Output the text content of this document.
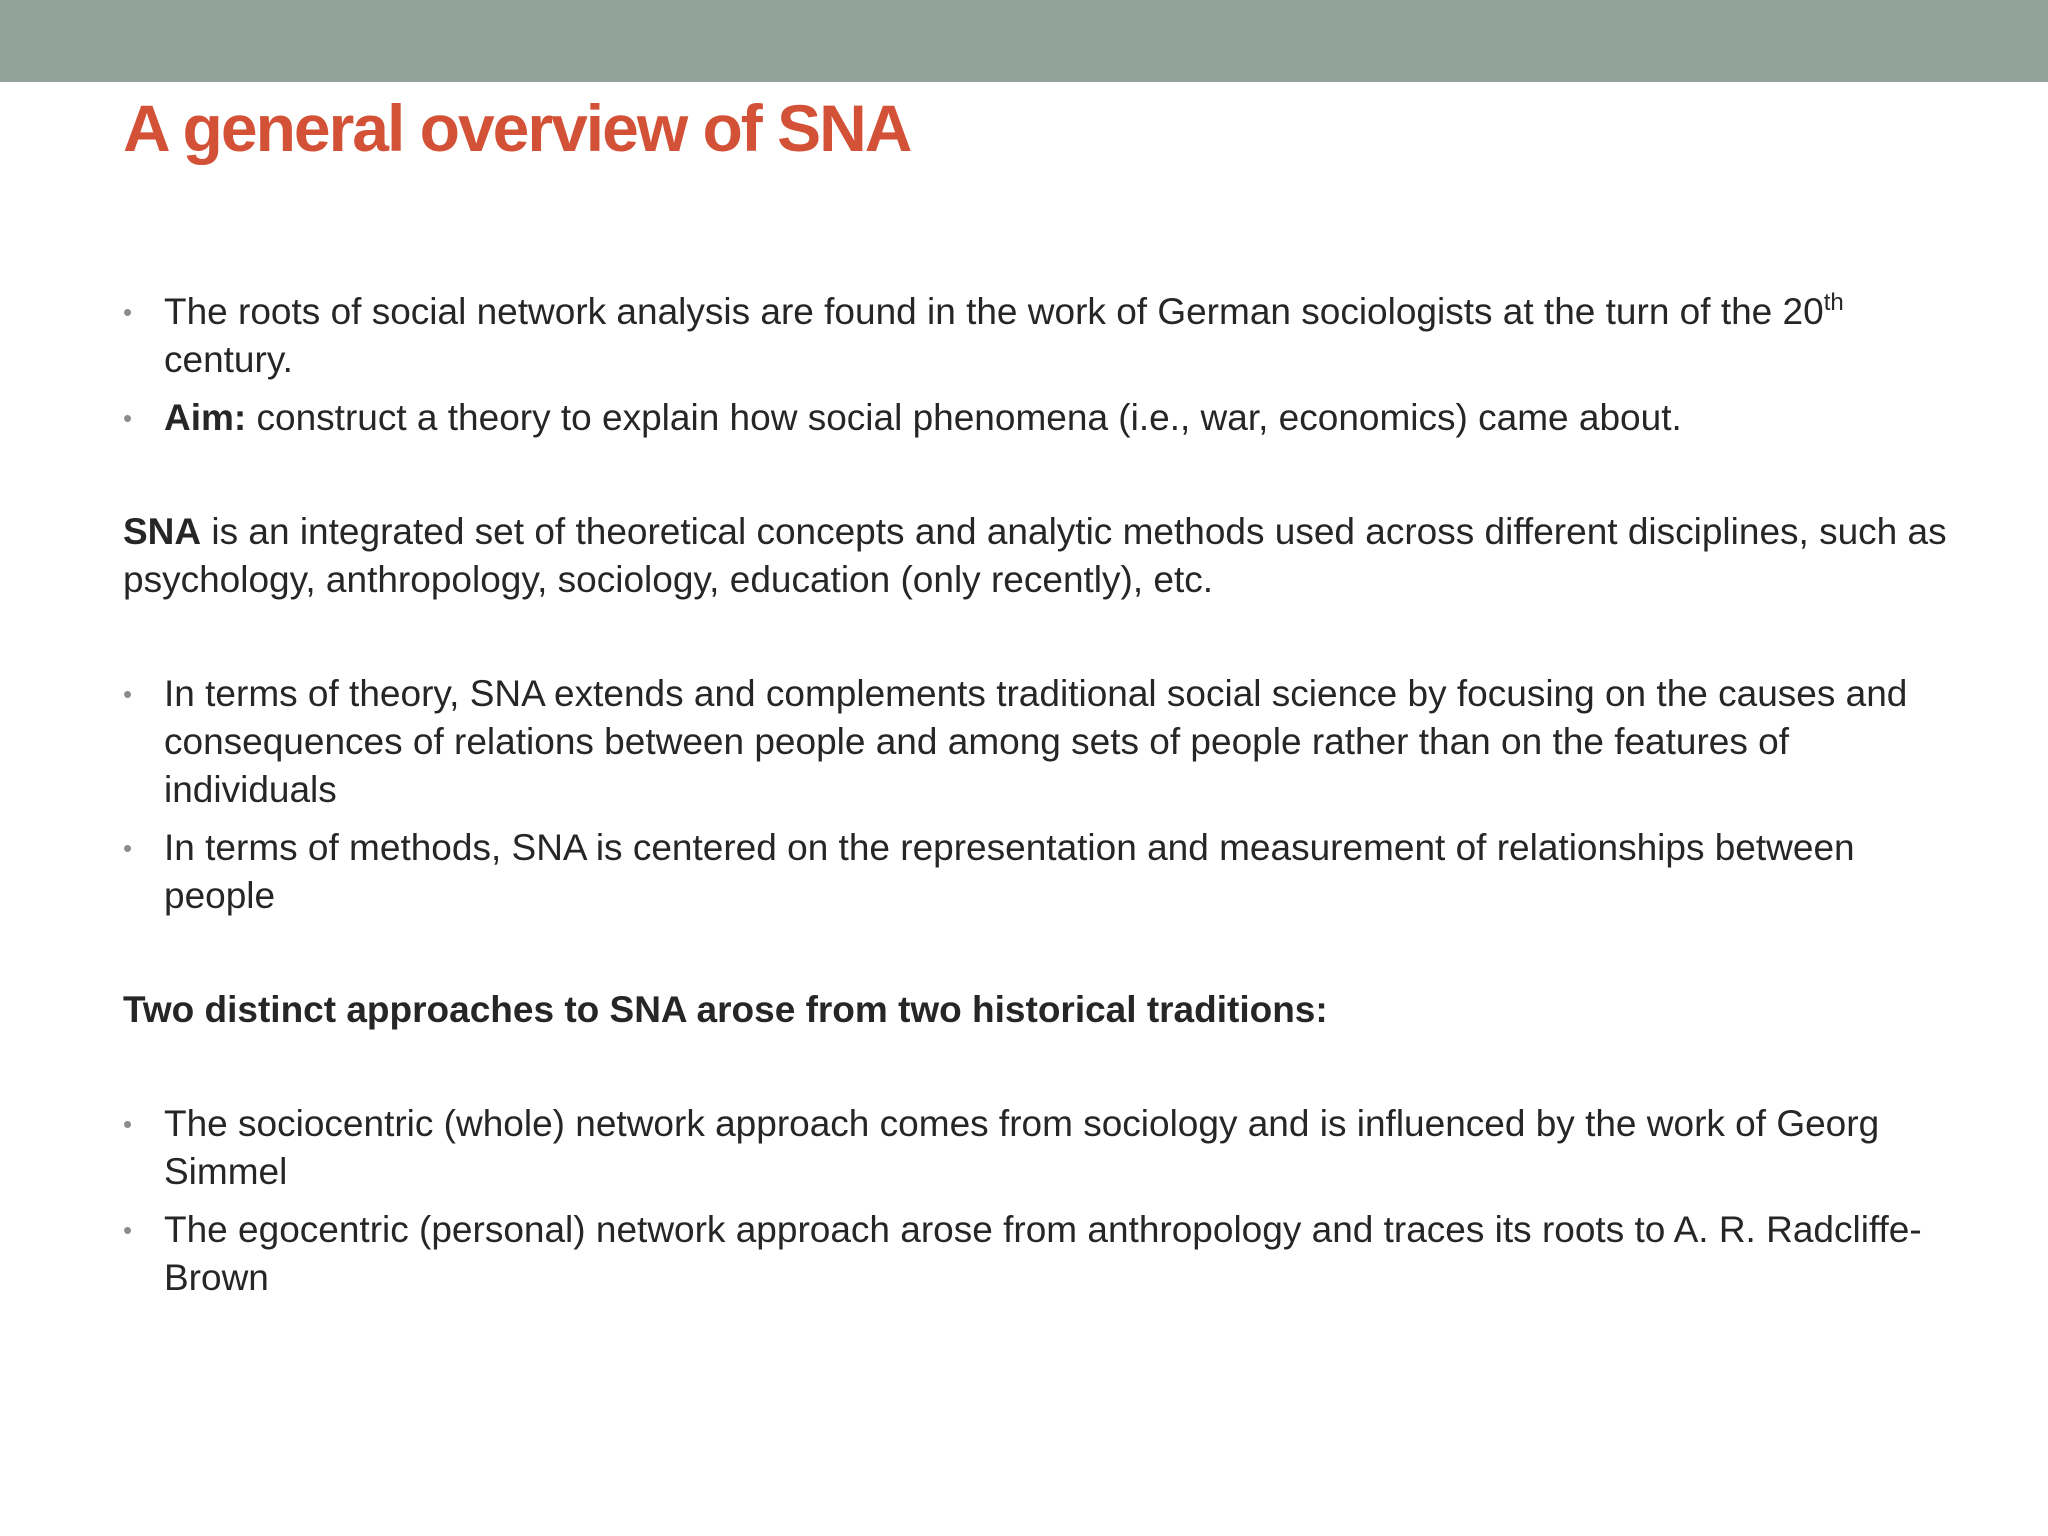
A general overview of SNA
• The roots of social network analysis are found in the work of German sociologists at the turn of the 20th century.
• Aim: construct a theory to explain how social phenomena (i.e., war, economics) came about.

SNA is an integrated set of theoretical concepts and analytic methods used across different disciplines, such as psychology, anthropology, sociology, education (only recently), etc.

• In terms of theory, SNA extends and complements traditional social science by focusing on the causes and consequences of relations between people and among sets of people rather than on the features of individuals
• In terms of methods, SNA is centered on the representation and measurement of relationships between people

Two distinct approaches to SNA arose from two historical traditions:

• The sociocentric (whole) network approach comes from sociology and is influenced by the work of Georg Simmel
• The egocentric (personal) network approach arose from anthropology and traces its roots to A. R. Radcliffe-Brown
